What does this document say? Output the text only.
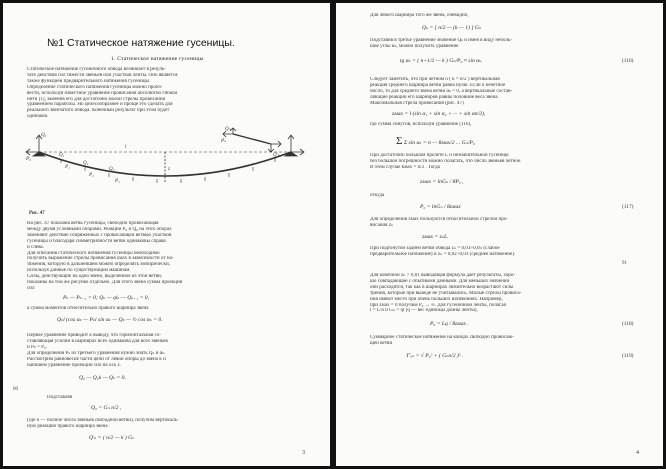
№1 Статическое натяжение гусеницы.
1. Статическое натяжение гусеницы
Статическое натяжение гусеничного обвода возникает в резуль-
тате действия сил тяжести звеньев или участков ленты. Оно является
также функцией предварительного натяжения гусеницы.
Определение статического натяжения гусеницы можно произ-
вести, используя известное уравнение провисания абсолютно гибкой
нити [1], заменив его для достаточно малой стрелы провисания
уравнением параболы. Но целесообразнее и проще это сделать для
реального звенчатого обвода. Конечный результат при этом будет
одинаков.
Q₀
P₀
Q₁
P₁
Q₂
P₂
Q₃
P₃
Qₙ
Pₙ
Q'ₙ
z
l
Рис. 47
На рис. 47 показана ветвь гусеницы, свободно провисающая
между двумя условными опорами. Реакции P₀ и Q₀ на этих опорах
заменяют действие сопряженных с провисающей ветвью участков
гусеницы и благодаря симметричности ветви одинаковы справа
и слева.
Для описания статического натяжения гусеницы необходимо
получить выражение стрелы провисания zмах в зависимости от на-
тяжения, которую в дальнейшем можно определять эмпирически,
используя данные по существующим машинам.
Силы, действующие на одно звено, выделенное из этой ветви,
показаны на том же рисунке отдельно. Для этого звена сумма проекций
сил
Pₖ — Pₖ₋₁ = 0; Qₖ — qlₖ — Qₖ₋₁ = 0,
а сумма моментов относительно правого шарнира звена
Qₖl (cos αₖ — Pₖl sin αₖ — Qₖ — ½ cos αₖ = 0.
Первое уравнение приводит к выводу, что горизонтальная со-
ставляющая усилий в шарнирах всех одинакова для всех звеньев
и Pₖ = P₀.
Для определения Pₖ из третьего уравнения нужно знать Qₖ и αₖ.
Рассмотрим равновесие части цепи от левой опоры до звена k и
напишем уравнение проекций сил на ось z.
Q₀ — Q₀k — Qₖ = 0.
00
Подставляя
Q₀ = Gₙ n/2 ,
(где n — полное число звеньев свободной ветви), получим вертикаль-
ную реакцию правого шарнира звена
Q'ₖ = ( n/2 — k ) Gₙ
3
Для левого шарнира того же звена, очевидно,
Qₖ = [ n/2 — (k — 1) ] Gₙ
Подставив в третье уравнение значение Qₖ и имея в виду неболь-
шие углы αₖ, можно получить уравнение
tg αₖ = ( n+1/2 — k ) Gₙ/P₀ ≈ sin αₖ.	(116)
Следует заметить, что при четном n ( k = n/2 ) вертикальная
реакция среднего шарнира ветви равна нулю. Если n нечетное
число, то для среднего звена ветви αₖ = 0, а вертикальные состав-
ляющие реакций его шарниров равны половине веса звена.
Максимальная стрела провисания (рис. 47)
zмах = l (sin α₁ + sin α₂ + ··· + sin αn/2),
где сумма синусов, используя уравнение (116),
Σ Σ sin αₖ = n — 8мах/2 ... Gₙ/P₀
При достаточно большом пролете L и незначительной гусенице
без большой погрешности можно полагать, что число звеньев четное.
В этом случае kмах = n/2 . Тогда
zмах = lnGₙ / 8P₀ ,
откуда
P₀ = lnGₙ / 8zмах	(117)
Для определения zмах пользуются относительной стрелой про-
висания zₙ
zмах = zₙL.
При подгонутой задней ветви обвода zₙ = 0,03÷0,05 (слабое
предварительное натяжение) и zₙ = 0,02÷0,03 (среднее натяжение).
91
Для ковочной zₙ > 0,01 выводящая формула дает результаты, хоро-
шо совпадающие с опытными данными. Для меньших значений
они расходятся, так как в шарнирах значительно возрастают силы
трения, которые при выводе не учитывались. Малые стрелы провиса-
ния имеют место при очень больших натяжениях. Например,
при zмах = 0 получим P₀ → ∞. Для гусеничной ленты, полагая
l = L/n и Gₙ = ql (q — вес единицы длины ленты),
P₀ = Lq / 8zмах .	(118)
Суммарное статическое натяжение на концах свободно провисаю-
щей ветви
T'ₒₙ = √ P₀² + ( Gₙn/2 )² .	(119)
4
